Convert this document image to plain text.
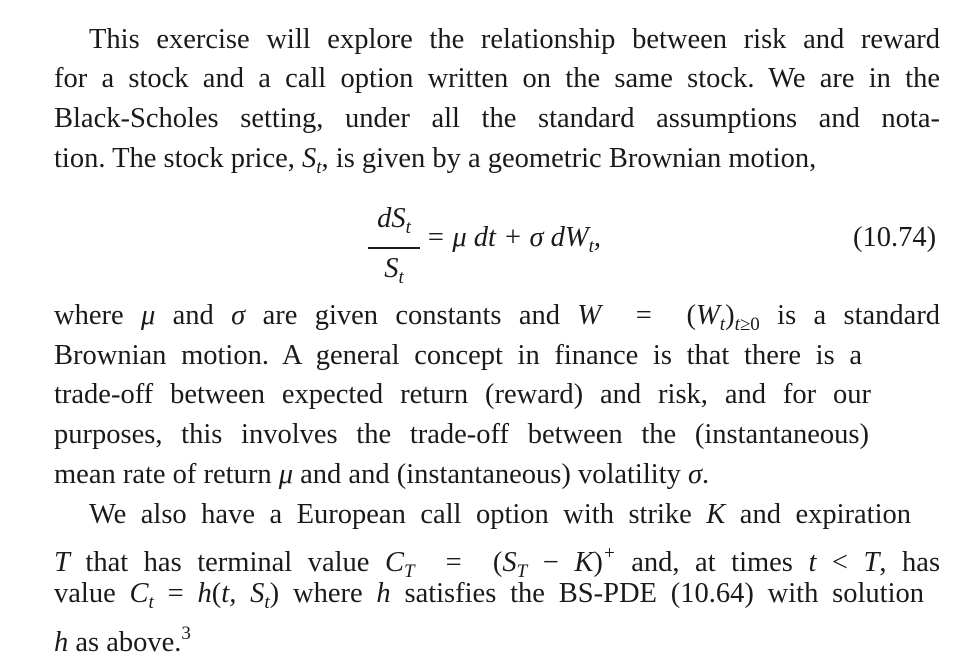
This exercise will explore the relationship between risk and reward
for a stock and a call option written on the same stock. We are in the
Black-Scholes setting, under all the standard assumptions and nota-
tion. The stock price, $S_t$, is given by a geometric Brownian motion,
$dS_t$
$S_t$
= μ dt + σ $dW_t$,	(10.74)
where μ and σ are given constants and $W = (W_t)_{t\ge 0}$ is a standard
Brownian motion. A general concept in finance is that there is a
trade-off between expected return (reward) and risk, and for our
purposes, this involves the trade-off between the (instantaneous)
mean rate of return μ and and (instantaneous) volatility σ.
We also have a European call option with strike K and expiration
T that has terminal value $C_T = (S_T - K)^+$ and, at times t < T, has
value $C_t = h(t$, $S_t$) where h satisfies the BS-PDE (10.64) with solution
h as above.$^3$
